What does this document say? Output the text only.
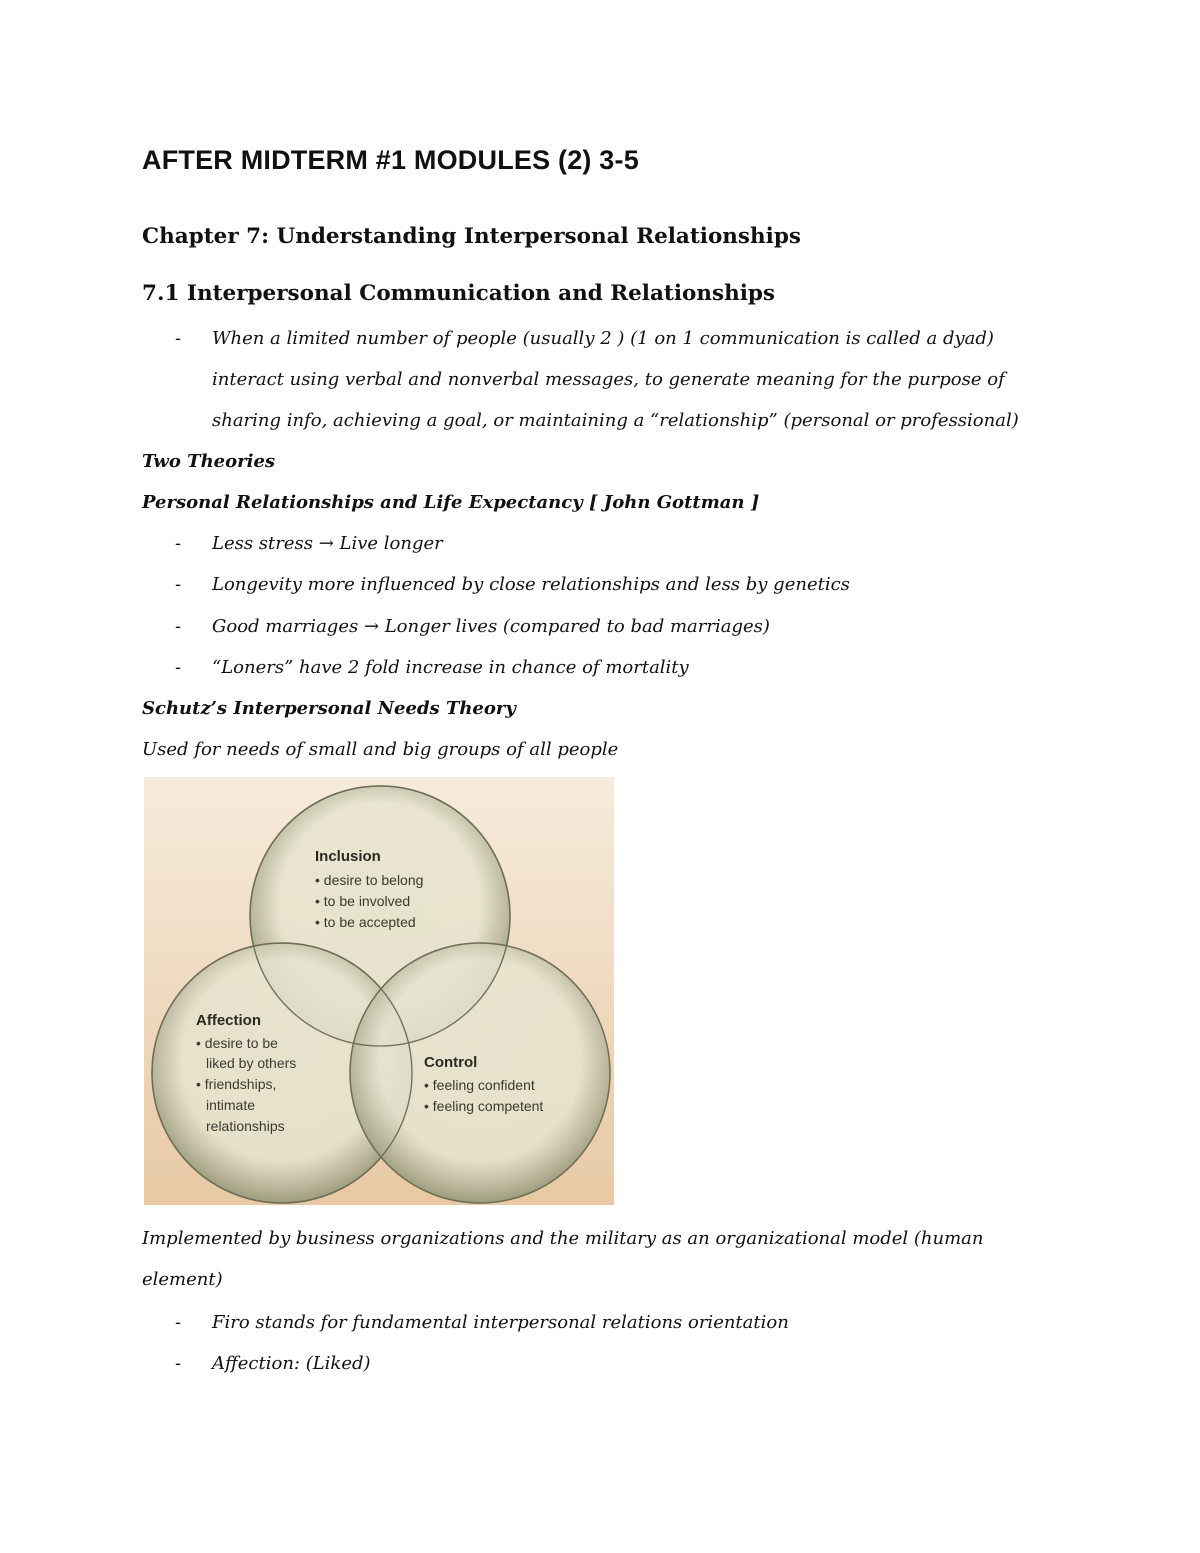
AFTER MIDTERM #1 MODULES (2) 3-5
Chapter 7: Understanding Interpersonal Relationships
7.1 Interpersonal Communication and Relationships
- When a limited number of people (usually 2 ) (1 on 1 communication is called a dyad)
interact using verbal and nonverbal messages, to generate meaning for the purpose of
sharing info, achieving a goal, or maintaining a “relationship” (personal or professional)
Two Theories
Personal Relationships and Life Expectancy [ John Gottman ]
- Less stress → Live longer
- Longevity more influenced by close relationships and less by genetics
- Good marriages → Longer lives (compared to bad marriages)
- “Loners” have 2 fold increase in chance of mortality
Schutz’s Interpersonal Needs Theory
Used for needs of small and big groups of all people
Inclusion
• desire to belong
• to be involved
• to be accepted
Affection
• desire to be
liked by others
• friendships,
intimate
relationships
Control
• feeling confident
• feeling competent
Implemented by business organizations and the military as an organizational model (human
element)
- Firo stands for fundamental interpersonal relations orientation
- Affection: (Liked)
